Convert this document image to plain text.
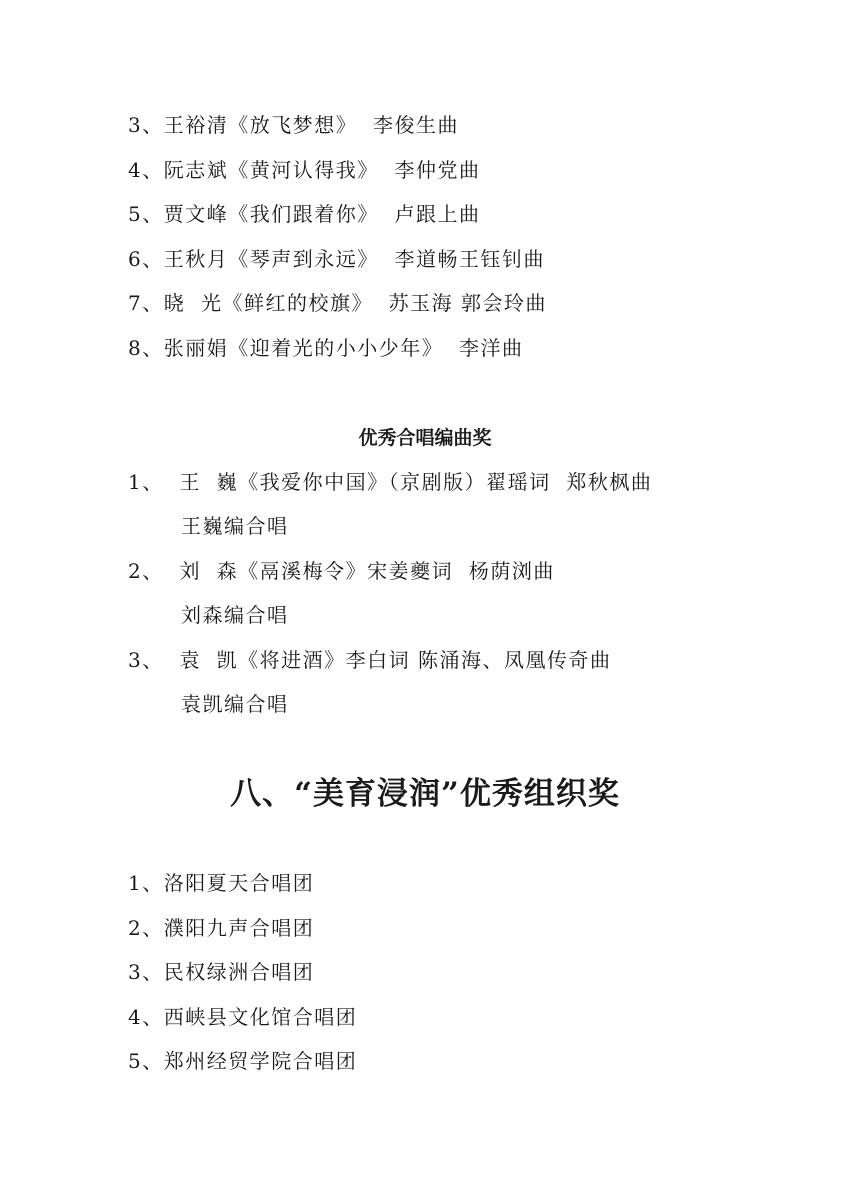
3、王裕清《放飞梦想》  李俊生曲
4、阮志斌《黄河认得我》  李仲党曲
5、贾文峰《我们跟着你》  卢跟上曲
6、王秋月《琴声到永远》  李道畅王钰钊曲
7、晓  光《鲜红的校旗》  苏玉海 郭会玲曲
8、张丽娟《迎着光的小小少年》  李洋曲
优秀合唱编曲奖
1、  王  巍《我爱你中国》（京剧版）翟瑶词  郑秋枫曲
王巍编合唱
2、  刘  森《鬲溪梅令》宋姜夔词  杨荫浏曲
刘森编合唱
3、  袁  凯《将进酒》李白词 陈涌海、凤凰传奇曲
袁凯编合唱
八、“美育浸润”优秀组织奖
1、洛阳夏天合唱团
2、濮阳九声合唱团
3、民权绿洲合唱团
4、西峡县文化馆合唱团
5、郑州经贸学院合唱团
